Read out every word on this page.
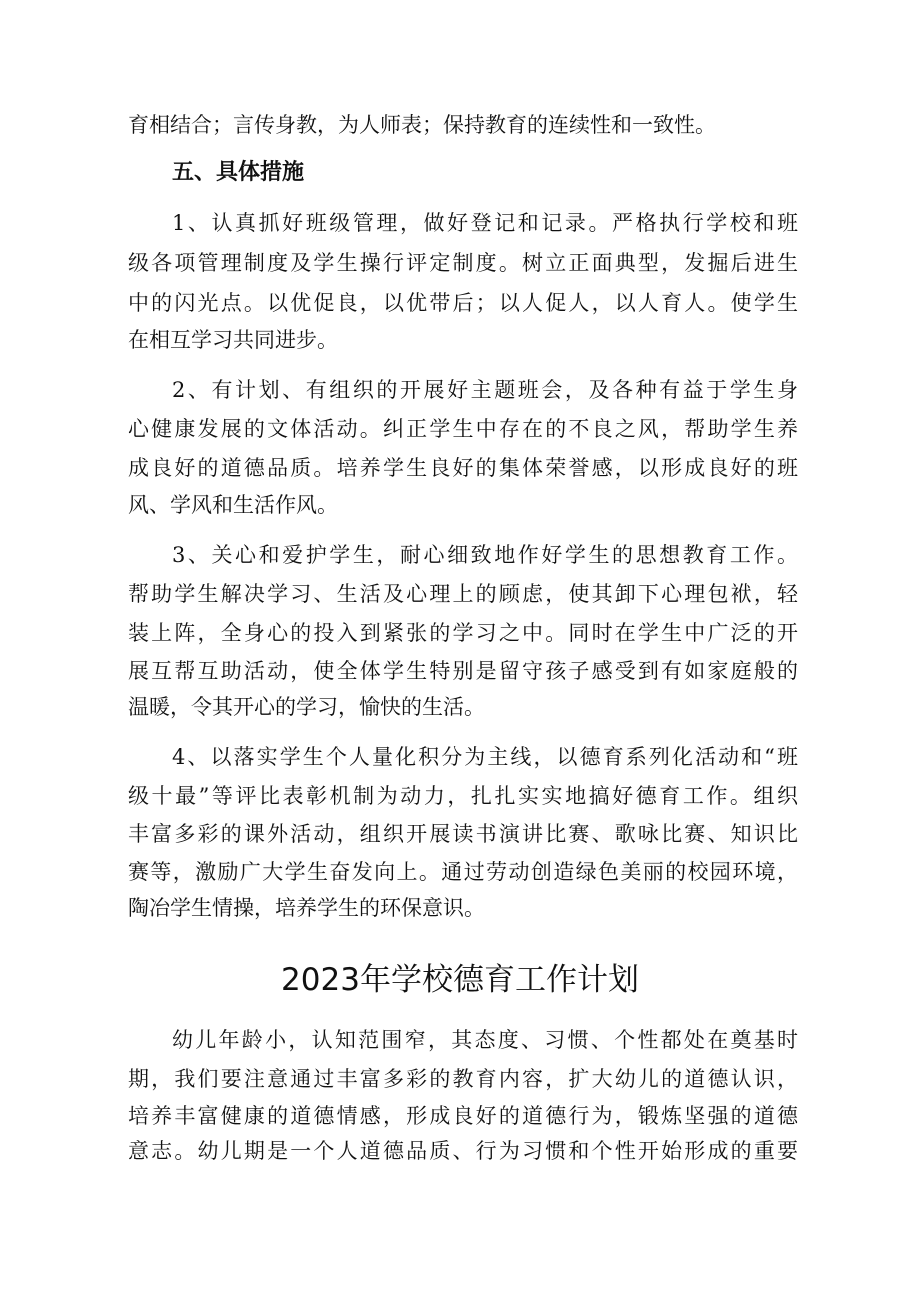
育相结合；言传身教，为人师表；保持教育的连续性和一致性。
五、具体措施
1、认真抓好班级管理，做好登记和记录。严格执行学校和班
级各项管理制度及学生操行评定制度。树立正面典型，发掘后进生
中的闪光点。以优促良，以优带后；以人促人，以人育人。使学生
在相互学习共同进步。
2、有计划、有组织的开展好主题班会，及各种有益于学生身
心健康发展的文体活动。纠正学生中存在的不良之风，帮助学生养
成良好的道德品质。培养学生良好的集体荣誉感，以形成良好的班
风、学风和生活作风。
3、关心和爱护学生，耐心细致地作好学生的思想教育工作。
帮助学生解决学习、生活及心理上的顾虑，使其卸下心理包袱，轻
装上阵，全身心的投入到紧张的学习之中。同时在学生中广泛的开
展互帮互助活动，使全体学生特别是留守孩子感受到有如家庭般的
温暖，令其开心的学习，愉快的生活。
4、以落实学生个人量化积分为主线，以德育系列化活动和“班
级十最”等评比表彰机制为动力，扎扎实实地搞好德育工作。组织
丰富多彩的课外活动，组织开展读书演讲比赛、歌咏比赛、知识比
赛等，激励广大学生奋发向上。通过劳动创造绿色美丽的校园环境，
陶冶学生情操，培养学生的环保意识。
2023年学校德育工作计划
幼儿年龄小，认知范围窄，其态度、习惯、个性都处在奠基时
期，我们要注意通过丰富多彩的教育内容，扩大幼儿的道德认识，
培养丰富健康的道德情感，形成良好的道德行为，锻炼坚强的道德
意志。幼儿期是一个人道德品质、行为习惯和个性开始形成的重要
